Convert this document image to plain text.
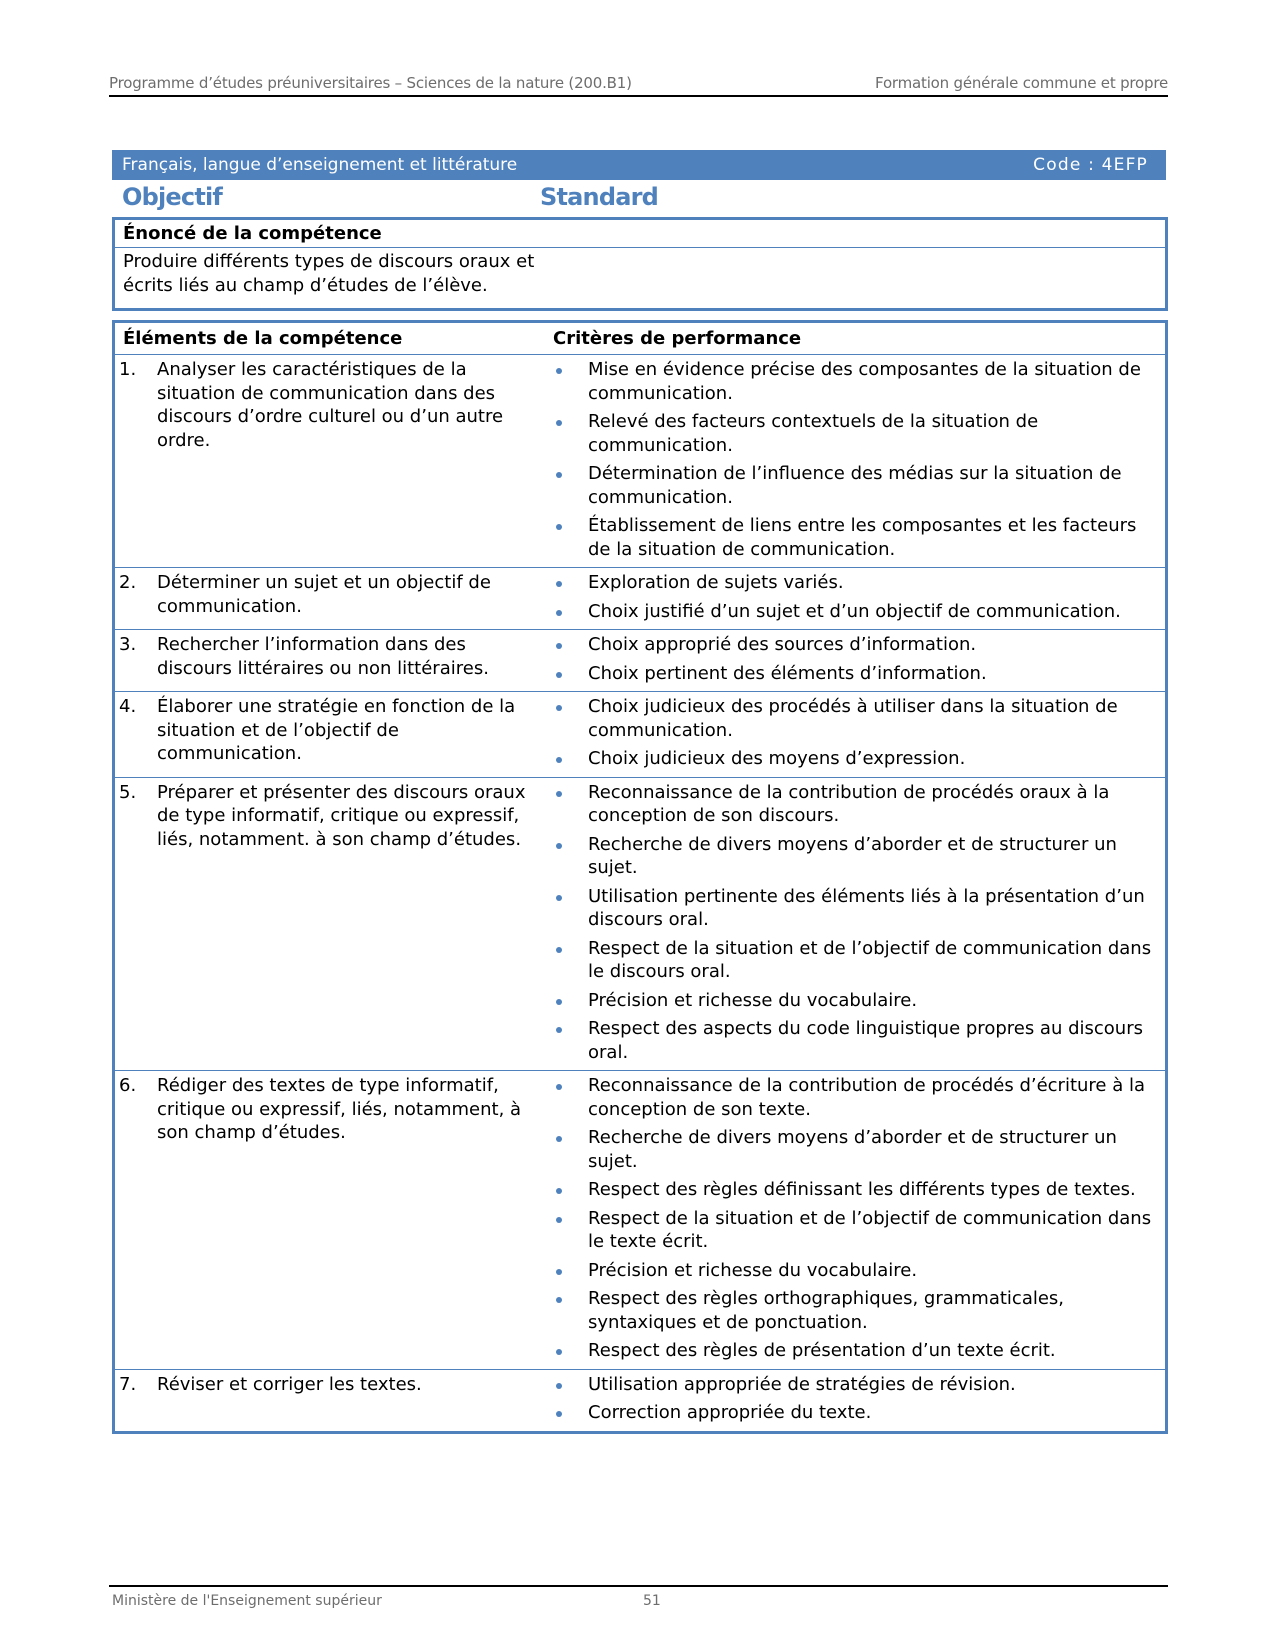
Programme d’études préuniversitaires – Sciences de la nature (200.B1)	Formation générale commune et propre
Français, langue d’enseignement et littérature	Code : 4EFP
Objectif	Standard
Énoncé de la compétence
Produire différents types de discours oraux et écrits liés au champ d’études de l’élève.
Éléments de la compétence	Critères de performance
1.	Analyser les caractéristiques de la situation de communication dans des discours d’ordre culturel ou d’un autre ordre.
Mise en évidence précise des composantes de la situation de communication.
Relevé des facteurs contextuels de la situation de communication.
Détermination de l’influence des médias sur la situation de communication.
Établissement de liens entre les composantes et les facteurs de la situation de communication.
2.	Déterminer un sujet et un objectif de communication.
Exploration de sujets variés.
Choix justifié d’un sujet et d’un objectif de communication.
3.	Rechercher l’information dans des discours littéraires ou non littéraires.
Choix approprié des sources d’information.
Choix pertinent des éléments d’information.
4.	Élaborer une stratégie en fonction de la situation et de l’objectif de communication.
Choix judicieux des procédés à utiliser dans la situation de communication.
Choix judicieux des moyens d’expression.
5.	Préparer et présenter des discours oraux de type informatif, critique ou expressif, liés, notamment. à son champ d’études.
Reconnaissance de la contribution de procédés oraux à la conception de son discours.
Recherche de divers moyens d’aborder et de structurer un sujet.
Utilisation pertinente des éléments liés à la présentation d’un discours oral.
Respect de la situation et de l’objectif de communication dans le discours oral.
Précision et richesse du vocabulaire.
Respect des aspects du code linguistique propres au discours oral.
6.	Rédiger des textes de type informatif, critique ou expressif, liés, notamment, à son champ d’études.
Reconnaissance de la contribution de procédés d’écriture à la conception de son texte.
Recherche de divers moyens d’aborder et de structurer un sujet.
Respect des règles définissant les différents types de textes.
Respect de la situation et de l’objectif de communication dans le texte écrit.
Précision et richesse du vocabulaire.
Respect des règles orthographiques, grammaticales, syntaxiques et de ponctuation.
Respect des règles de présentation d’un texte écrit.
7.	Réviser et corriger les textes.	Utilisation appropriée de stratégies de révision.
Correction appropriée du texte.
Ministère de l'Enseignement supérieur	51
